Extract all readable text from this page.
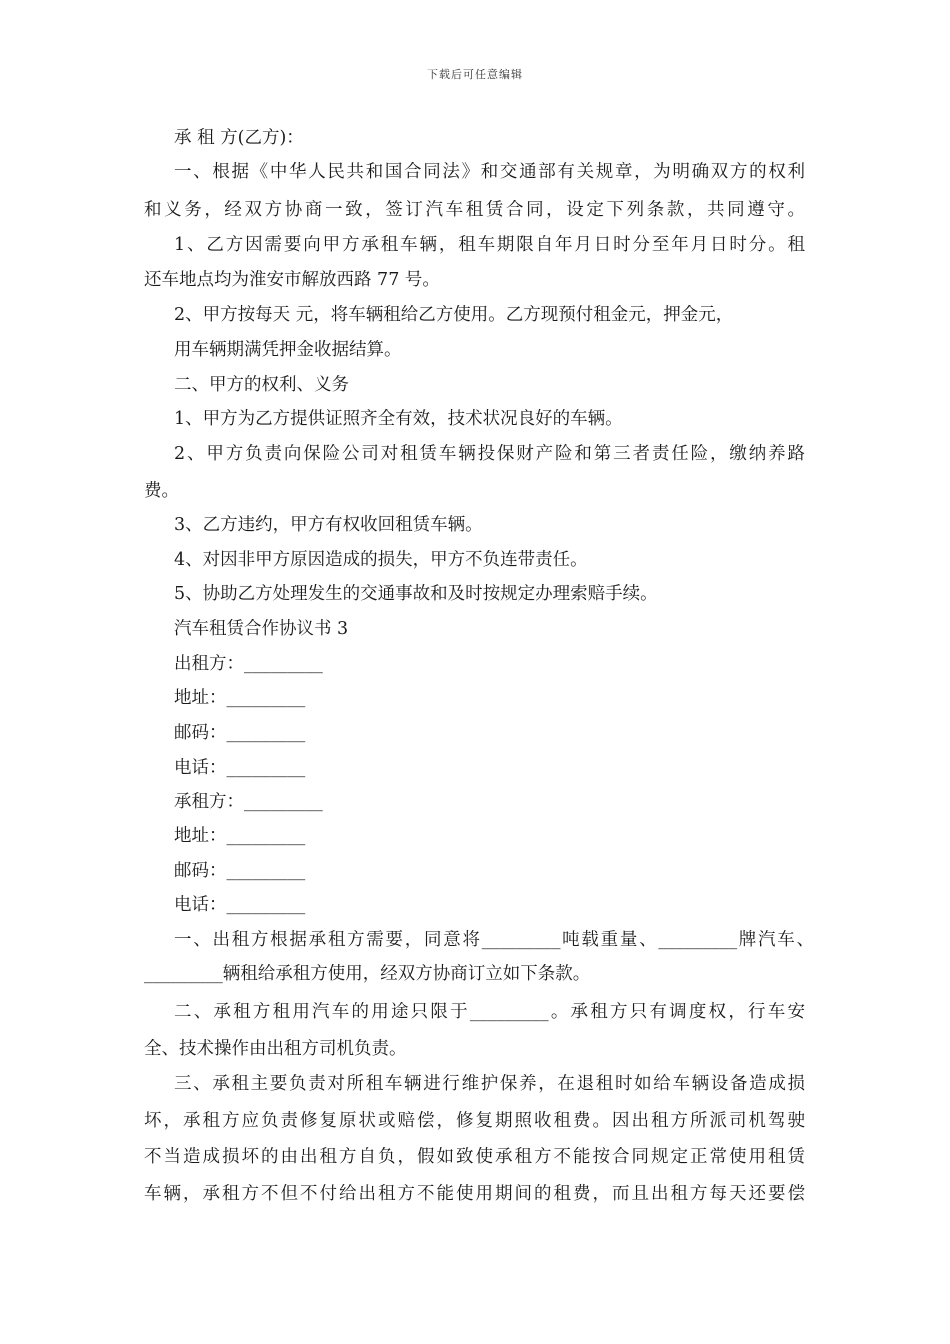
下载后可任意编辑
承 租 方(乙方)：
一、根据《中华人民共和国合同法》和交通部有关规章，为明确双方的权利
和义务，经双方协商一致，签订汽车租赁合同，设定下列条款，共同遵守。
1、乙方因需要向甲方承租车辆，租车期限自年月日时分至年月日时分。租
还车地点均为淮安市解放西路 77 号。
2、甲方按每天 元，将车辆租给乙方使用。乙方现预付租金元，押金元，
用车辆期满凭押金收据结算。
二、甲方的权利、义务
1、甲方为乙方提供证照齐全有效，技术状况良好的车辆。
2、甲方负责向保险公司对租赁车辆投保财产险和第三者责任险，缴纳养路
费。
3、乙方违约，甲方有权收回租赁车辆。
4、对因非甲方原因造成的损失，甲方不负连带责任。
5、协助乙方处理发生的交通事故和及时按规定办理索赔手续。
汽车租赁合作协议书 3
出租方：_________
地址：_________
邮码：_________
电话：_________
承租方：_________
地址：_________
邮码：_________
电话：_________
一、出租方根据承租方需要，同意将_________吨载重量、_________牌汽车、
_________辆租给承租方使用，经双方协商订立如下条款。
二、承租方租用汽车的用途只限于_________。承租方只有调度权，行车安
全、技术操作由出租方司机负责。
三、承租主要负责对所租车辆进行维护保养，在退租时如给车辆设备造成损
坏，承租方应负责修复原状或赔偿，修复期照收租费。因出租方所派司机驾驶
不当造成损坏的由出租方自负，假如致使承租方不能按合同规定正常使用租赁
车辆，承租方不但不付给出租方不能使用期间的租费，而且出租方每天还要偿
